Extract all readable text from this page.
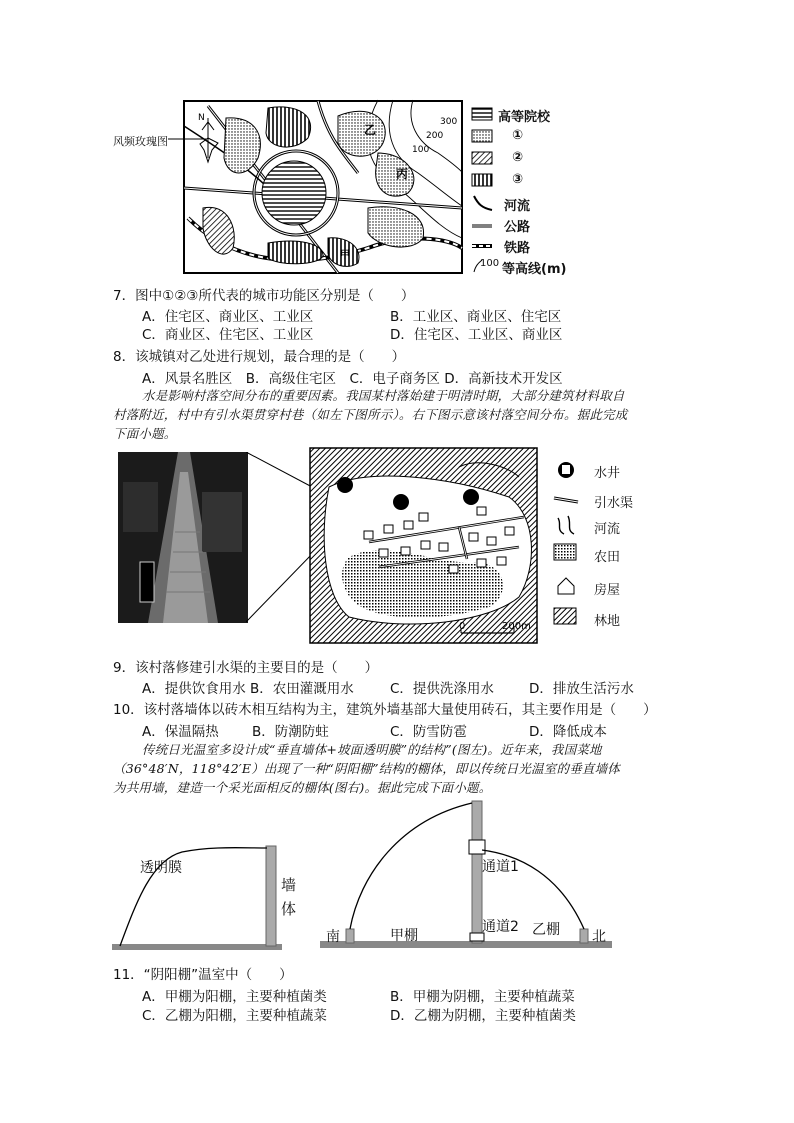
风频玫瑰图
N
乙
丙
甲
300
200
100
高等院校
①
②
③
河流
公路
铁路
100 等高线(m)
7．图中①②③所代表的城市功能区分别是（　　）
A．住宅区、商业区、工业区	B．工业区、商业区、住宅区
C．商业区、住宅区、工业区	D．住宅区、工业区、商业区
8．该城镇对乙处进行规划，最合理的是（　　）
A．风景名胜区　B．高级住宅区　C．电子商务区 D．高新技术开发区
水是影响村落空间分布的重要因素。我国某村落始建于明清时期，大部分建筑材料取自
村落附近，村中有引水渠贯穿村巷（如左下图所示）。右下图示意该村落空间分布。据此完成
下面小题。
0	200m
水井
引水渠
河流
农田
房屋
林地
9．该村落修建引水渠的主要目的是（　　）
A．提供饮食用水 B．农田灌溉用水	C．提供洗涤用水	D．排放生活污水
10．该村落墙体以砖木相互结构为主，建筑外墙基部大量使用砖石，其主要作用是（　　）
A．保温隔热 B．防潮防蛀	C．防雪防雹	D．降低成本
传统日光温室多设计成“垂直墙体+坡面透明膜”的结构”(图左)。近年来，我国菜地
（36°48′N，118°42′E）出现了一种“阴阳棚”结构的棚体，即以传统日光温室的垂直墙体
为共用墙，建造一个采光面相反的棚体(图右)。据此完成下面小题。
透明膜
墙
体
通道1
通道2
南	北
甲棚	乙棚
11．“阴阳棚”温室中（　　）
A．甲棚为阳棚，主要种植菌类	B．甲棚为阴棚，主要种植蔬菜
C．乙棚为阳棚，主要种植蔬菜	D．乙棚为阴棚，主要种植菌类
